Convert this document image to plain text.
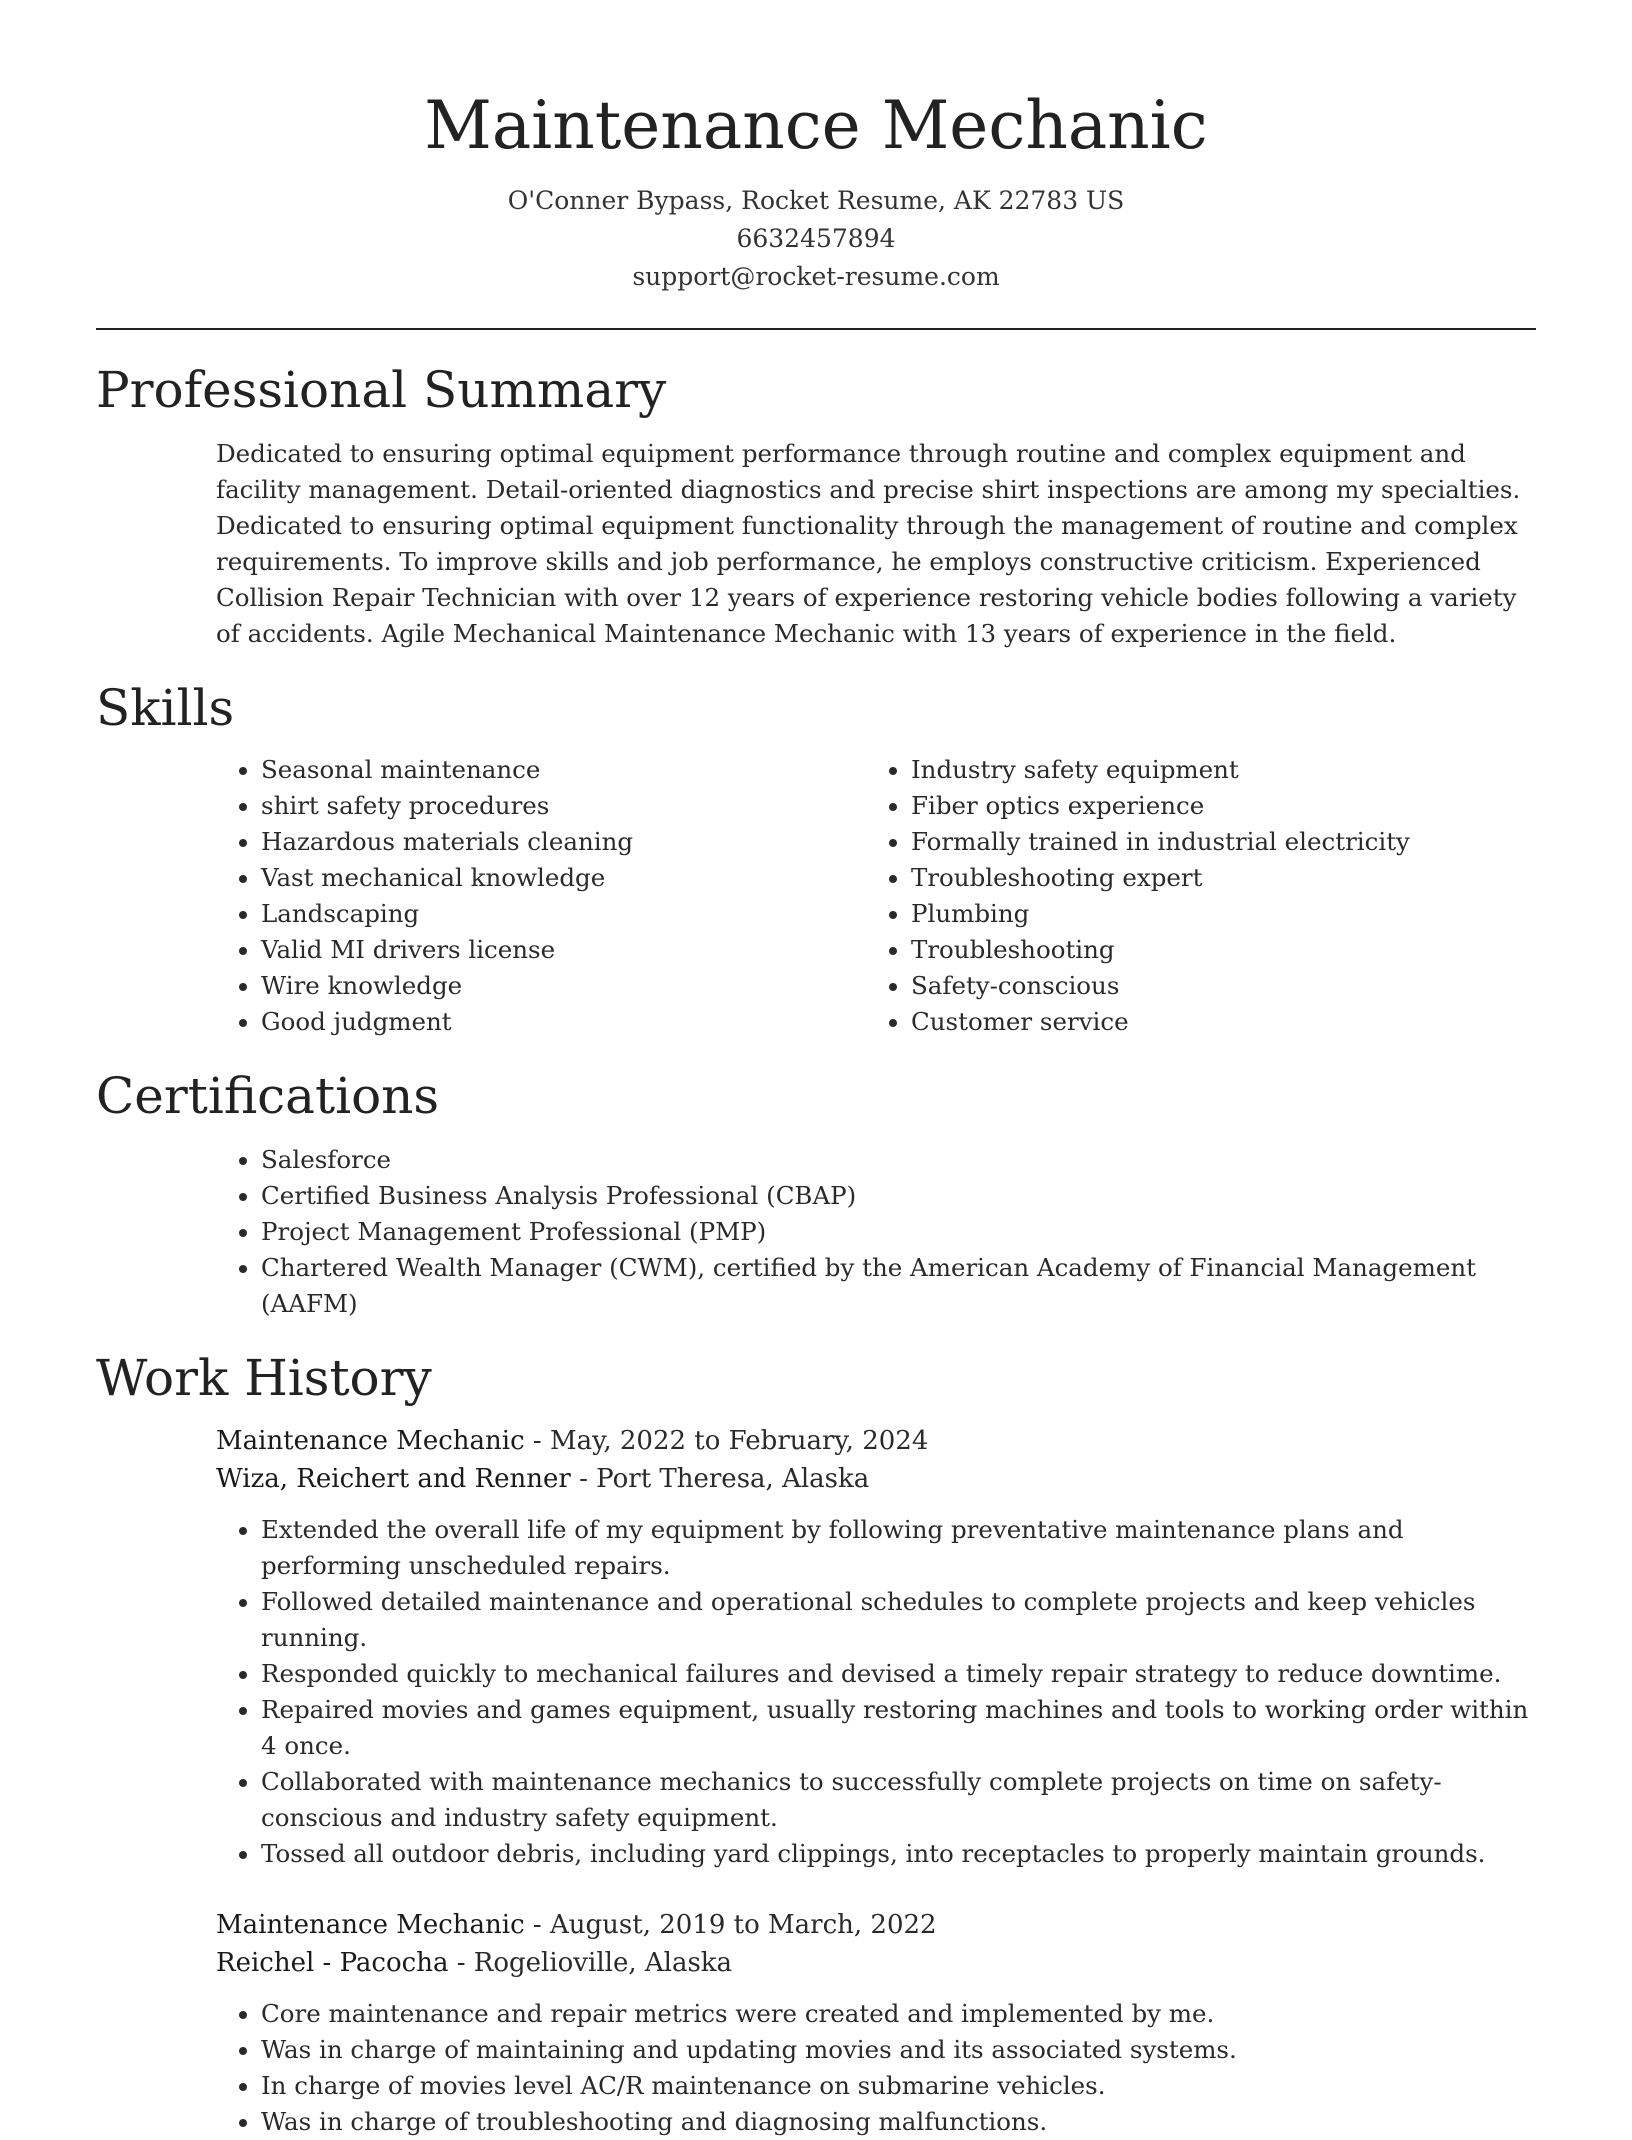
Maintenance Mechanic
O'Conner Bypass, Rocket Resume, AK 22783 US
6632457894
support@rocket-resume.com
Professional Summary
Dedicated to ensuring optimal equipment performance through routine and complex equipment and facility management. Detail-oriented diagnostics and precise shirt inspections are among my specialties. Dedicated to ensuring optimal equipment functionality through the management of routine and complex requirements. To improve skills and job performance, he employs constructive criticism. Experienced Collision Repair Technician with over 12 years of experience restoring vehicle bodies following a variety of accidents. Agile Mechanical Maintenance Mechanic with 13 years of experience in the field.
Skills
• Seasonal maintenance
• shirt safety procedures
• Hazardous materials cleaning
• Vast mechanical knowledge
• Landscaping
• Valid MI drivers license
• Wire knowledge
• Good judgment
• Industry safety equipment
• Fiber optics experience
• Formally trained in industrial electricity
• Troubleshooting expert
• Plumbing
• Troubleshooting
• Safety-conscious
• Customer service
Certifications
• Salesforce
• Certified Business Analysis Professional (CBAP)
• Project Management Professional (PMP)
• Chartered Wealth Manager (CWM), certified by the American Academy of Financial Management (AAFM)
Work History
Maintenance Mechanic - May, 2022 to February, 2024
Wiza, Reichert and Renner - Port Theresa, Alaska
• Extended the overall life of my equipment by following preventative maintenance plans and performing unscheduled repairs.
• Followed detailed maintenance and operational schedules to complete projects and keep vehicles running.
• Responded quickly to mechanical failures and devised a timely repair strategy to reduce downtime.
• Repaired movies and games equipment, usually restoring machines and tools to working order within 4 once.
• Collaborated with maintenance mechanics to successfully complete projects on time on safety-conscious and industry safety equipment.
• Tossed all outdoor debris, including yard clippings, into receptacles to properly maintain grounds.
Maintenance Mechanic - August, 2019 to March, 2022
Reichel - Pacocha - Rogelioville, Alaska
• Core maintenance and repair metrics were created and implemented by me.
• Was in charge of maintaining and updating movies and its associated systems.
• In charge of movies level AC/R maintenance on submarine vehicles.
• Was in charge of troubleshooting and diagnosing malfunctions.
